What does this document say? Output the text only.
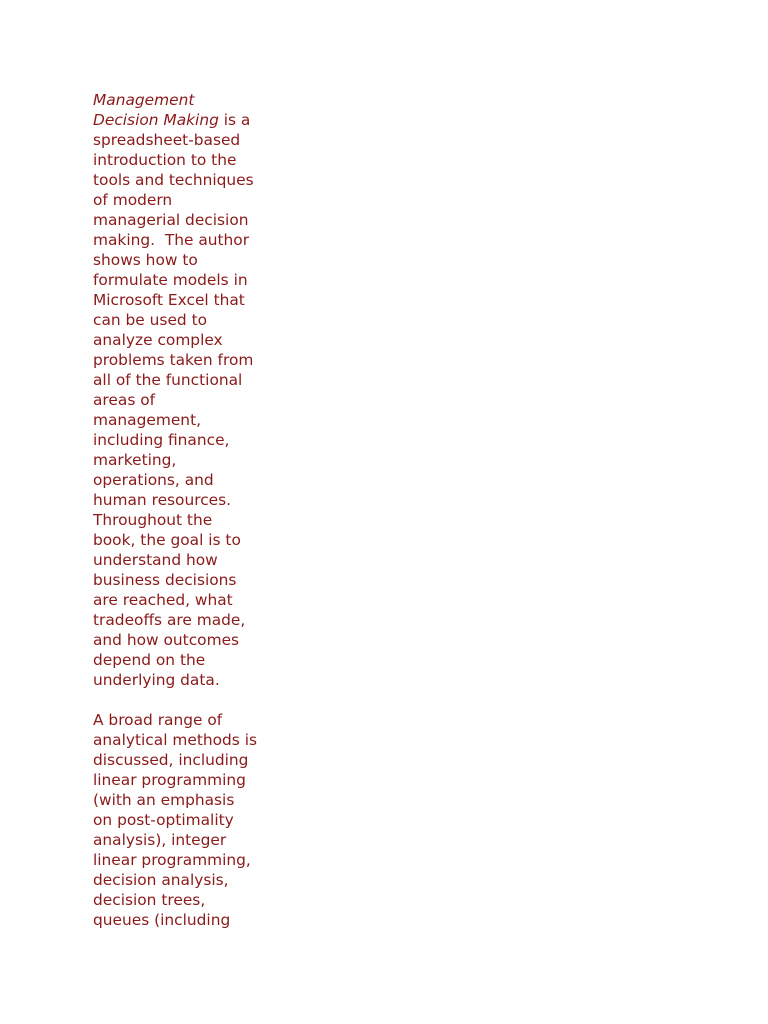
Management
Decision Making is a
spreadsheet-based
introduction to the
tools and techniques
of modern
managerial decision
making.  The author
shows how to
formulate models in
Microsoft Excel that
can be used to
analyze complex
problems taken from
all of the functional
areas of
management,
including finance,
marketing,
operations, and
human resources.
Throughout the
book, the goal is to
understand how
business decisions
are reached, what
tradeoffs are made,
and how outcomes
depend on the
underlying data.
A broad range of
analytical methods is
discussed, including
linear programming
(with an emphasis
on post-optimality
analysis), integer
linear programming,
decision analysis,
decision trees,
queues (including
